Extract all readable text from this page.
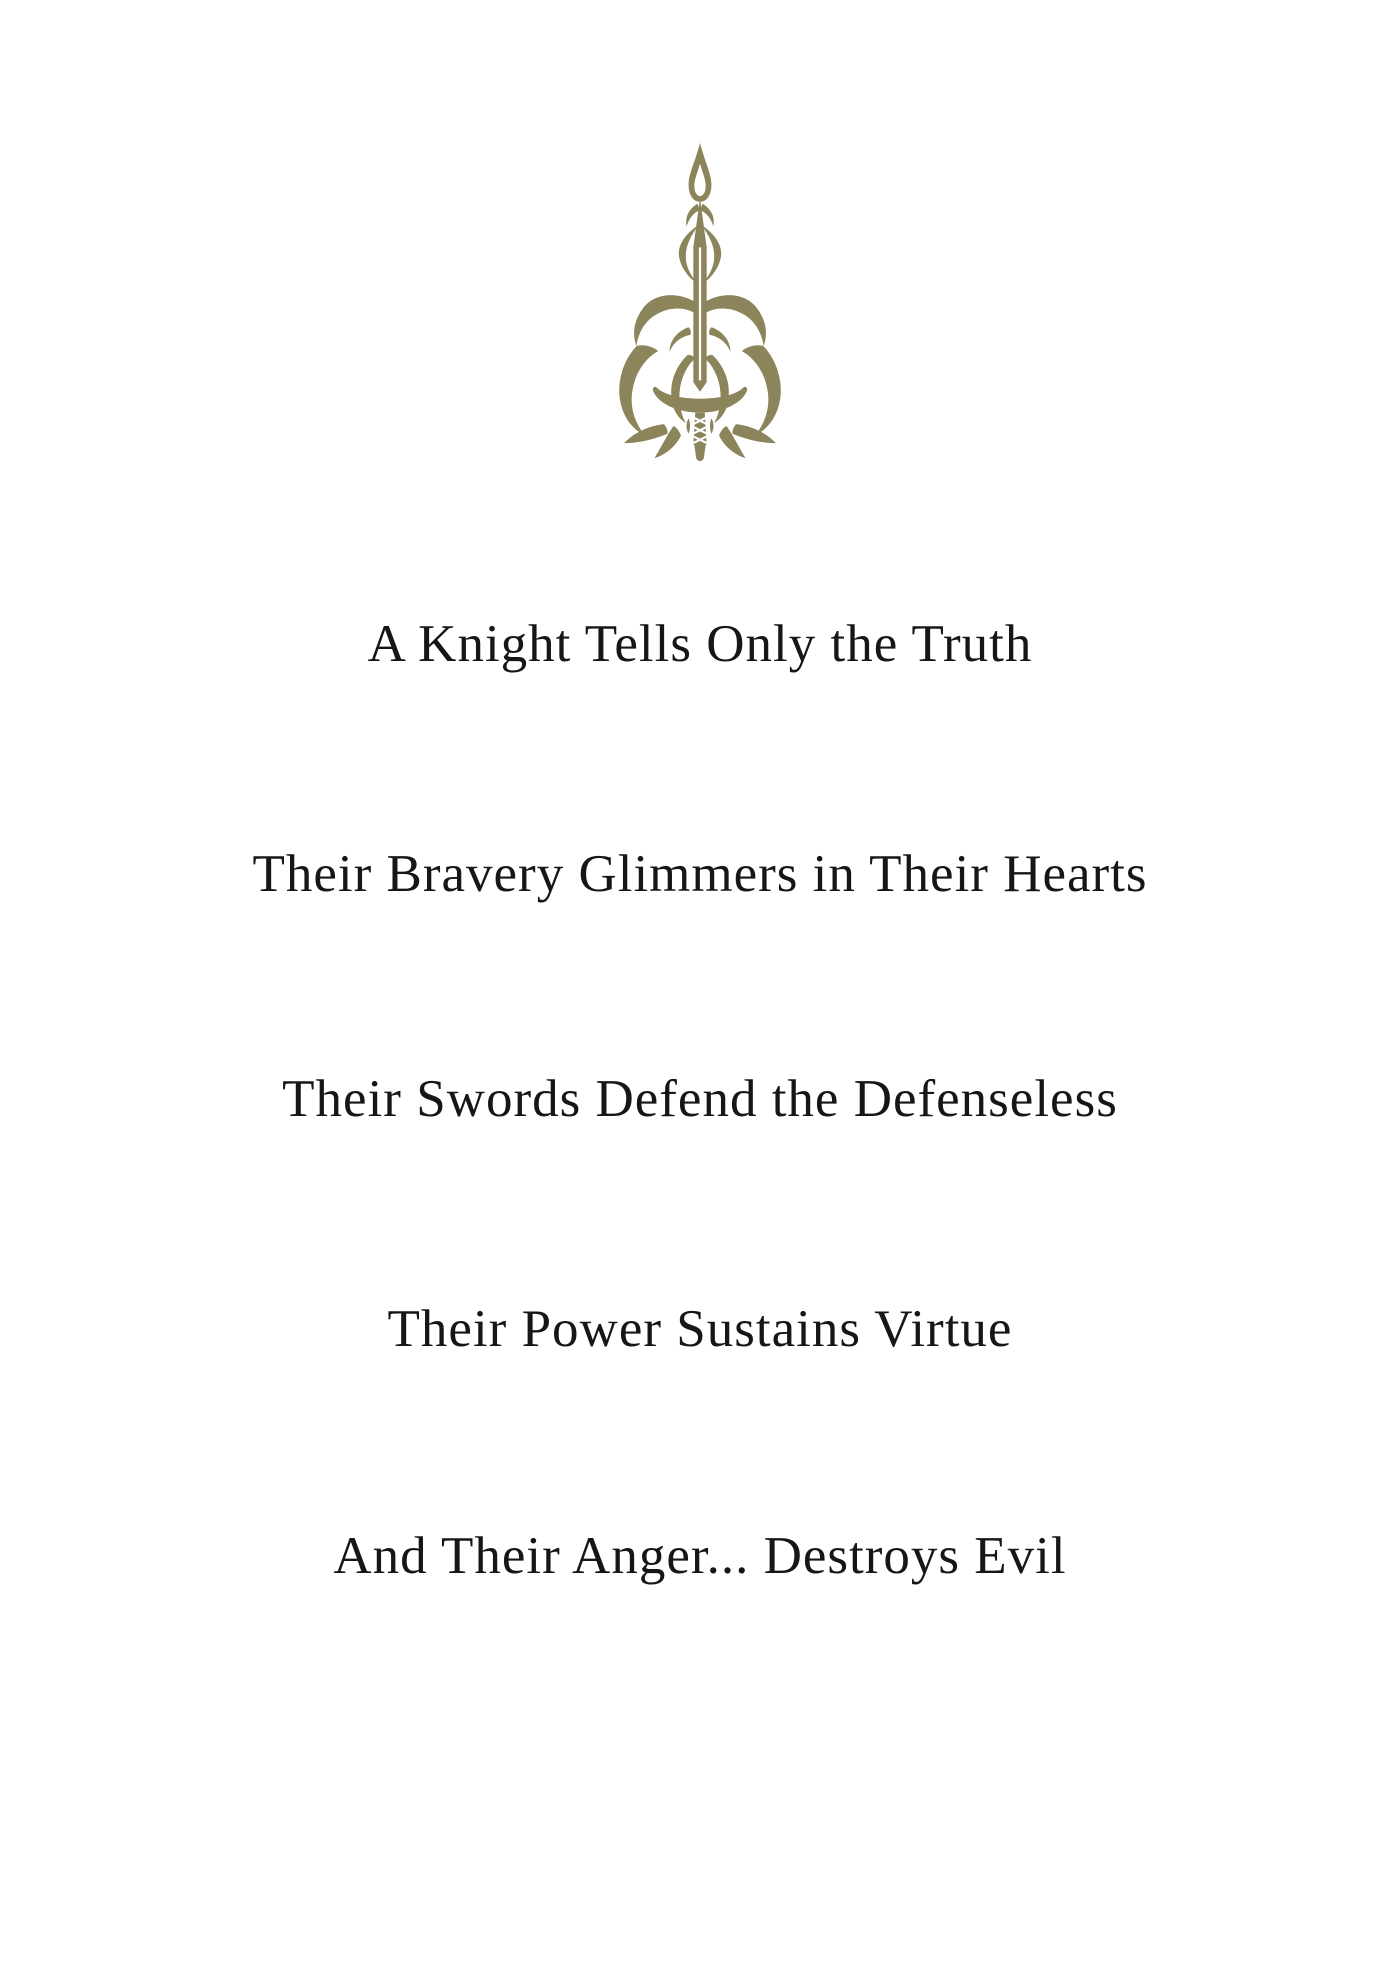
A Knight Tells Only the Truth
Their Bravery Glimmers in Their Hearts
Their Swords Defend the Defenseless
Their Power Sustains Virtue
And Their Anger... Destroys Evil
